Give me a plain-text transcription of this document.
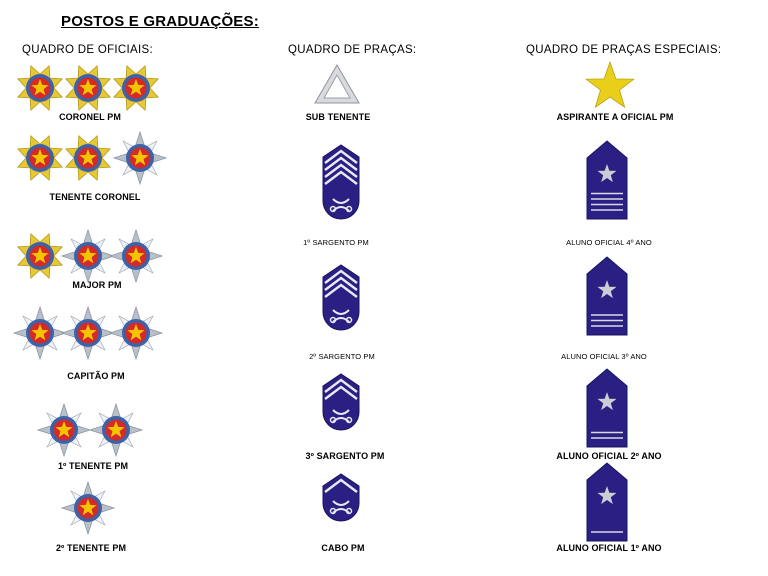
POSTOS E GRADUAÇÕES:
QUADRO DE OFICIAIS:	QUADRO DE PRAÇAS:	QUADRO DE PRAÇAS ESPECIAIS:
CORONEL PM
TENENTE CORONEL
MAJOR PM
CAPITÃO PM
1º TENENTE PM
2º TENENTE PM
SUB TENENTE
1º SARGENTO PM
2º SARGENTO PM
3º SARGENTO PM
CABO PM
ASPIRANTE A OFICIAL PM
ALUNO OFICIAL 4º ANO
ALUNO OFICIAL 3º ANO
ALUNO OFICIAL 2º ANO
ALUNO OFICIAL 1º ANO
